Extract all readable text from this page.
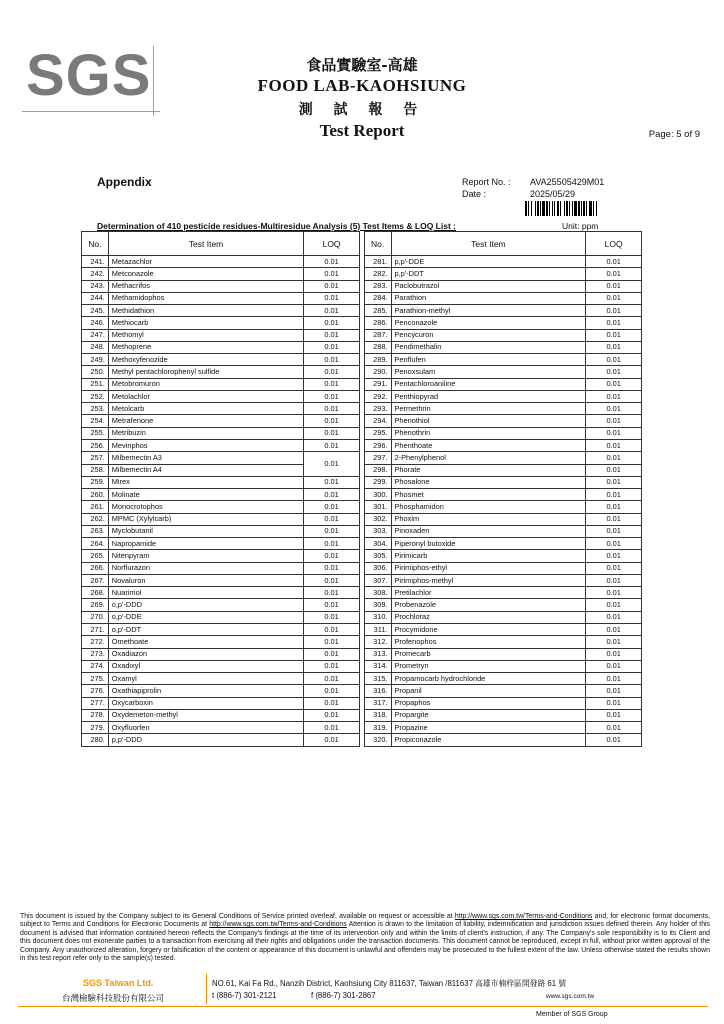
SGS	食品實驗室-高雄
FOOD LAB-KAOHSIUNG
測 試 報 告
Test Report	Page: 5 of 9
Appendix	Report No. : AVA25505429M01
Date :	2025/05/29
Determination of 410 pesticide residues-Multiresidue Analysis (5) Test Items & LOQ List :	Unit: ppm
No.	Test Item	LOQ		No.	Test Item	LOQ
241.	Metazachlor	0.01		281.	p,p'-DDE	0.01
242.	Metconazole	0.01		282.	p,p'-DDT	0.01
243.	Methacrifos	0.01		283.	Paclobutrazol	0.01
244.	Methamidophos	0.01		284.	Parathion	0.01
245.	Methidathion	0.01		285.	Parathion-methyl	0.01
246.	Methiocarb	0.01		286.	Penconazole	0.01
247.	Methomyl	0.01		287.	Pencycuron	0.01
248.	Methoprene	0.01		288.	Pendimethalin	0.01
249.	Methoxyfenozide	0.01		289.	Penflufen	0.01
250.	Methyl pentachlorophenyl sulfide	0.01		290.	Penoxsulam	0.01
251.	Metobromuron	0.01		291.	Pentachloroaniline	0.01
252.	Metolachlor	0.01		292.	Penthiopyrad	0.01
253.	Metolcarb	0.01		293.	Permethrin	0.01
254.	Metrafenone	0.01		294.	Phenothiol	0.01
255.	Metribuzin	0.01		295.	Phenothrin	0.01
256.	Mevinphos	0.01		296.	Phenthoate	0.01
257.	Milbemectin A3	0.01		297.	2-Phenylphenol	0.01
258.	Milbemectin A4			298.	Phorate	0.01
259.	Mirex	0.01		299.	Phosalone	0.01
260.	Molinate	0.01		300.	Phosmet	0.01
261.	Monocrotophos	0.01		301.	Phosphamidon	0.01
262.	MPMC (Xylylcarb)	0.01		302.	Phoxim	0.01
263.	Myclobutanil	0.01		303.	Pinoxaden	0.01
264.	Napropamide	0.01		304.	Piperonyl butoxide	0.01
265.	Nitenpyram	0.01		305.	Pirimicarb	0.01
266.	Norflurazon	0.01		306.	Pirimiphos-ethyl	0.01
267.	Novaluron	0.01		307.	Pirimiphos-methyl	0.01
268.	Nuarimol	0.01		308.	Pretilachlor	0.01
269.	o,p'-DDD	0.01		309.	Probenazole	0.01
270.	o,p'-DDE	0.01		310.	Prochloraz	0.01
271.	o,p'-DDT	0.01		311.	Procymidone	0.01
272.	Omethoate	0.01		312.	Profenophos	0.01
273.	Oxadiazon	0.01		313.	Promecarb	0.01
274.	Oxadixyl	0.01		314.	Prometryn	0.01
275.	Oxamyl	0.01		315.	Propamocarb hydrochloride	0.01
276.	Oxathiapiprolin	0.01		316.	Propanil	0.01
277.	Oxycarboxin	0.01		317.	Propaphos	0.01
278.	Oxydemeton-methyl	0.01		318.	Propargite	0.01
279.	Oxyfluorfen	0.01		319.	Propazine	0.01
280.	p,p'-DDD	0.01		320.	Propiconazole	0.01
This document is issued by the Company subject to its General Conditions of Service printed overleaf, available on request or accessible at http://www.sgs.com.tw/Terms-and-Conditions and, for electronic format documents, subject to Terms and Conditions for Electronic Documents at http://www.sgs.com.tw/Terms-and-Conditions Attention is drawn to the limitation of liability, indemnification and jurisdiction issues defined therein. Any holder of this document is advised that information contained hereon reflects the Company's findings at the time of its intervention only and within the limits of client's instruction, if any. The Company's sole responsibility is to its Client and this document does not exonerate parties to a transaction from exercising all their rights and obligations under the transaction documents. This document cannot be reproduced, except in full, without prior written approval of the Company. Any unauthorized alteration, forgery or falsification of the content or appearance of this document is unlawful and offenders may be prosecuted to the fullest extent of the law. Unless otherwise stated the results shown in this test report refer only to the sample(s) tested.
SGS Taiwan Ltd.
台灣檢驗科技股份有限公司
NO.61, Kai Fa Rd., Nanzih District, Kaohsiung City 811637, Taiwan /811637 高雄市楠梓區開發路 61 號
t (886-7) 301-2121	f (886-7) 301-2867	www.sgs.com.tw
Member of SGS Group
